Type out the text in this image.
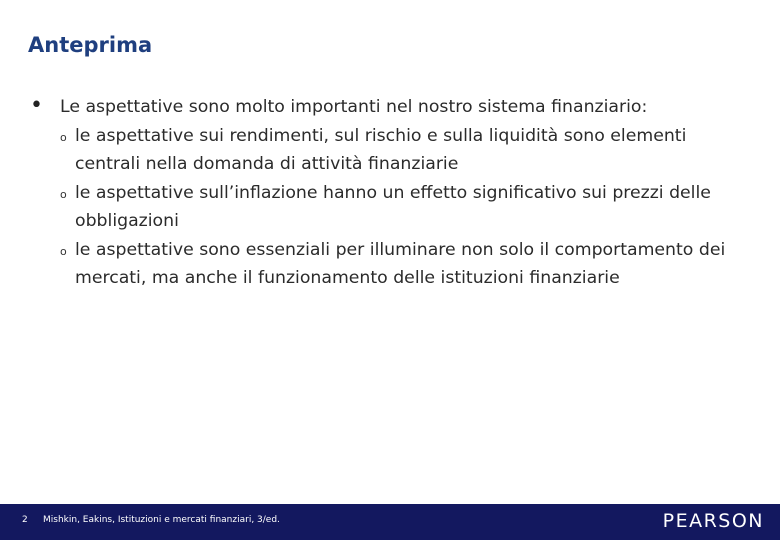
Anteprima
• Le aspettative sono molto importanti nel nostro sistema finanziario:
o le aspettative sui rendimenti, sul rischio e sulla liquidità sono elementi centrali nella domanda di attività finanziarie
o le aspettative sull’inflazione hanno un effetto significativo sui prezzi delle obbligazioni
o le aspettative sono essenziali per illuminare non solo il comportamento dei mercati, ma anche il funzionamento delle istituzioni finanziarie
2 Mishkin, Eakins, Istituzioni e mercati finanziari, 3/ed.	PEARSON
